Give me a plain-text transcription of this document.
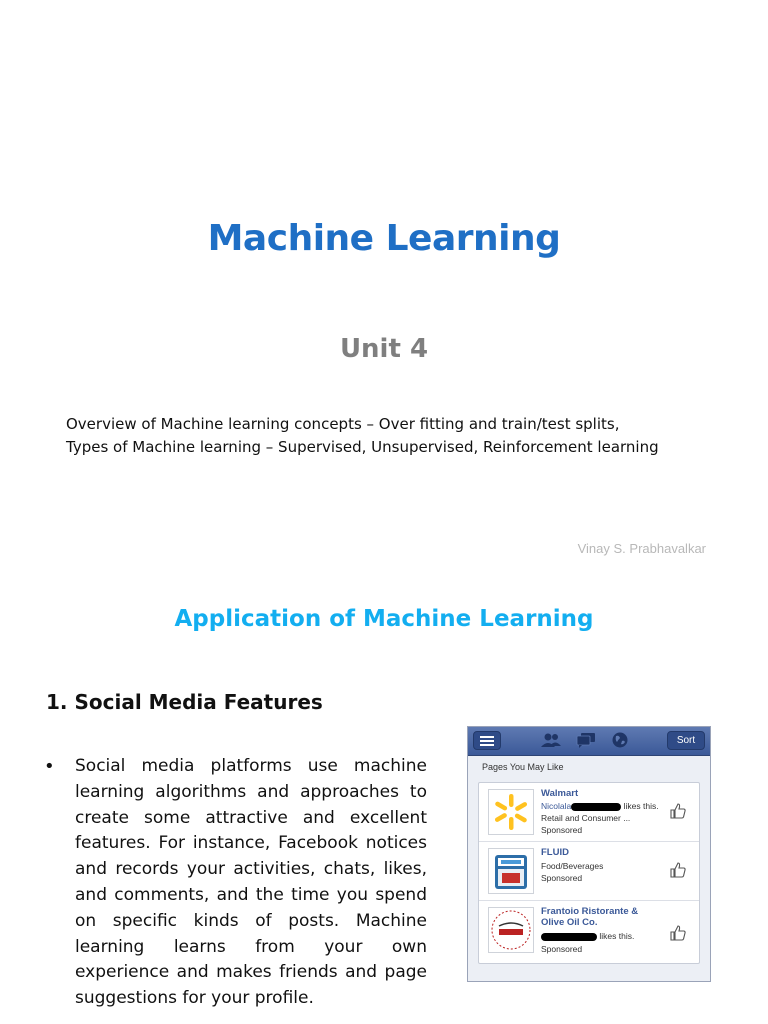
Machine Learning
Unit 4
Overview of Machine learning concepts – Over fitting and train/test splits,
Types of Machine learning – Supervised, Unsupervised, Reinforcement learning
Vinay S. Prabhavalkar
Application of Machine Learning
1. Social Media Features
• Social media platforms use machine learning algorithms and approaches to create some attractive and excellent features. For instance, Facebook notices and records your activities, chats, likes, and comments, and the time you spend on specific kinds of posts. Machine learning learns from your own experience and makes friends and page suggestions for your profile.

Sort
Pages You May Like
Walmart
Nicolala	likes this.
Retail and Consumer ...
Sponsored
FLUID
Food/Beverages
Sponsored
Frantoio Ristorante & Olive Oil Co.
likes this.
Sponsored
